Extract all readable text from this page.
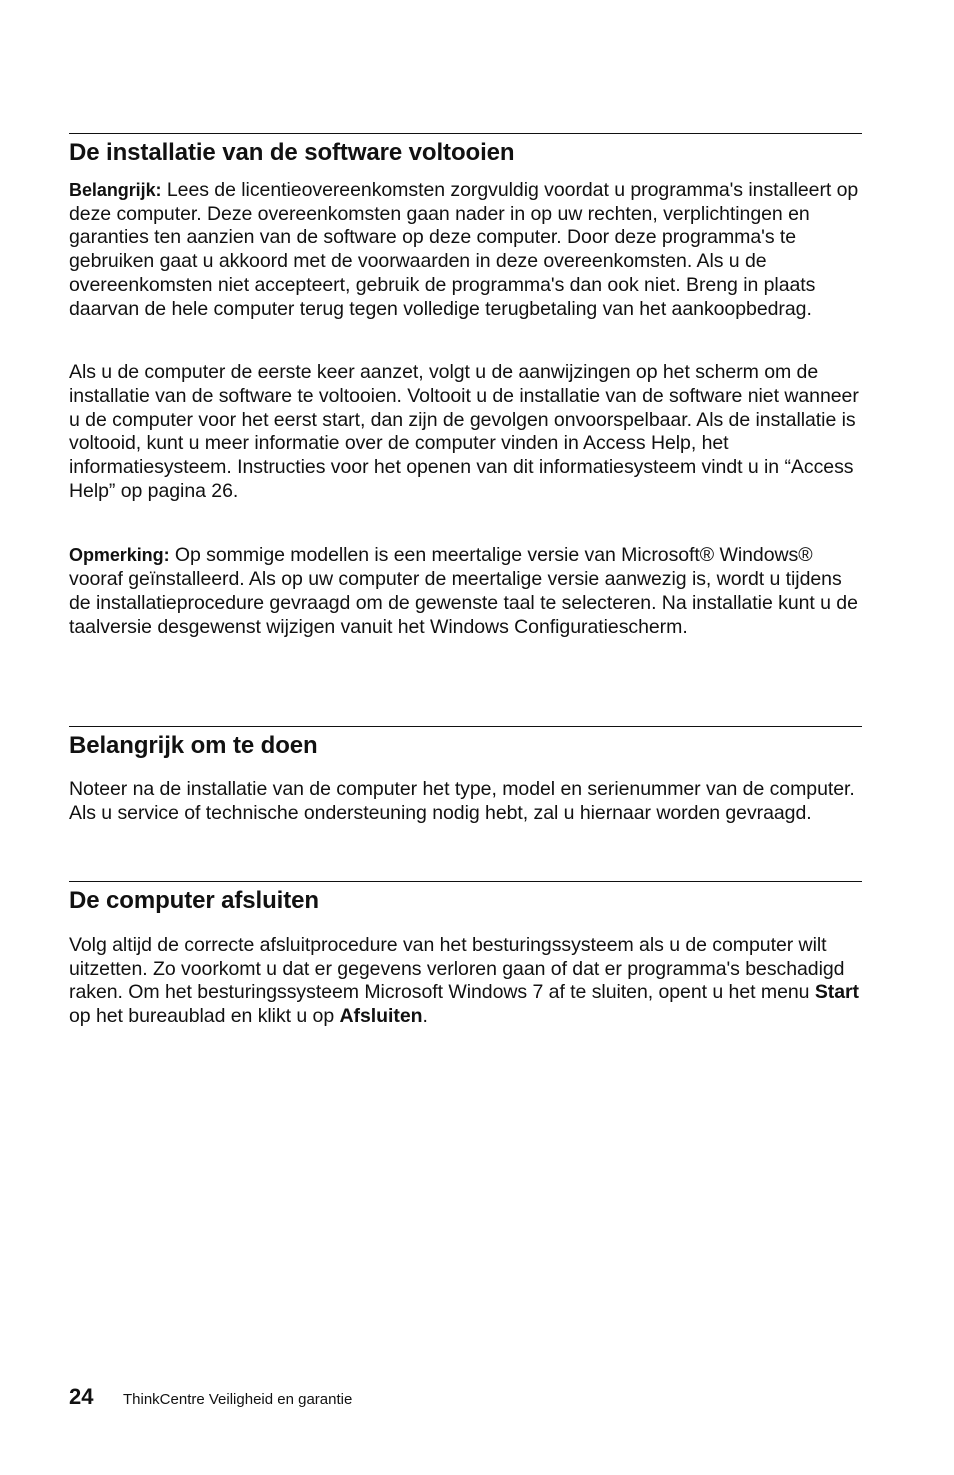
De installatie van de software voltooien

Belangrijk: Lees de licentieovereenkomsten zorgvuldig voordat u programma's installeert op deze computer. Deze overeenkomsten gaan nader in op uw rechten, verplichtingen en garanties ten aanzien van de software op deze computer. Door deze programma's te gebruiken gaat u akkoord met de voorwaarden in deze overeenkomsten. Als u de overeenkomsten niet accepteert, gebruik de programma's dan ook niet. Breng in plaats daarvan de hele computer terug tegen volledige terugbetaling van het aankoopbedrag.

Als u de computer de eerste keer aanzet, volgt u de aanwijzingen op het scherm om de installatie van de software te voltooien. Voltooit u de installatie van de software niet wanneer u de computer voor het eerst start, dan zijn de gevolgen onvoorspelbaar. Als de installatie is voltooid, kunt u meer informatie over de computer vinden in Access Help, het informatiesysteem. Instructies voor het openen van dit informatiesysteem vindt u in “Access Help” op pagina 26.

Opmerking: Op sommige modellen is een meertalige versie van Microsoft® Windows® vooraf geïnstalleerd. Als op uw computer de meertalige versie aanwezig is, wordt u tijdens de installatieprocedure gevraagd om de gewenste taal te selecteren. Na installatie kunt u de taalversie desgewenst wijzigen vanuit het Windows Configuratiescherm.

Belangrijk om te doen

Noteer na de installatie van de computer het type, model en serienummer van de computer. Als u service of technische ondersteuning nodig hebt, zal u hiernaar worden gevraagd.

De computer afsluiten

Volg altijd de correcte afsluitprocedure van het besturingssysteem als u de computer wilt uitzetten. Zo voorkomt u dat er gegevens verloren gaan of dat er programma's beschadigd raken. Om het besturingssysteem Microsoft Windows 7 af te sluiten, opent u het menu Start op het bureaublad en klikt u op Afsluiten.

24	ThinkCentre Veiligheid en garantie
